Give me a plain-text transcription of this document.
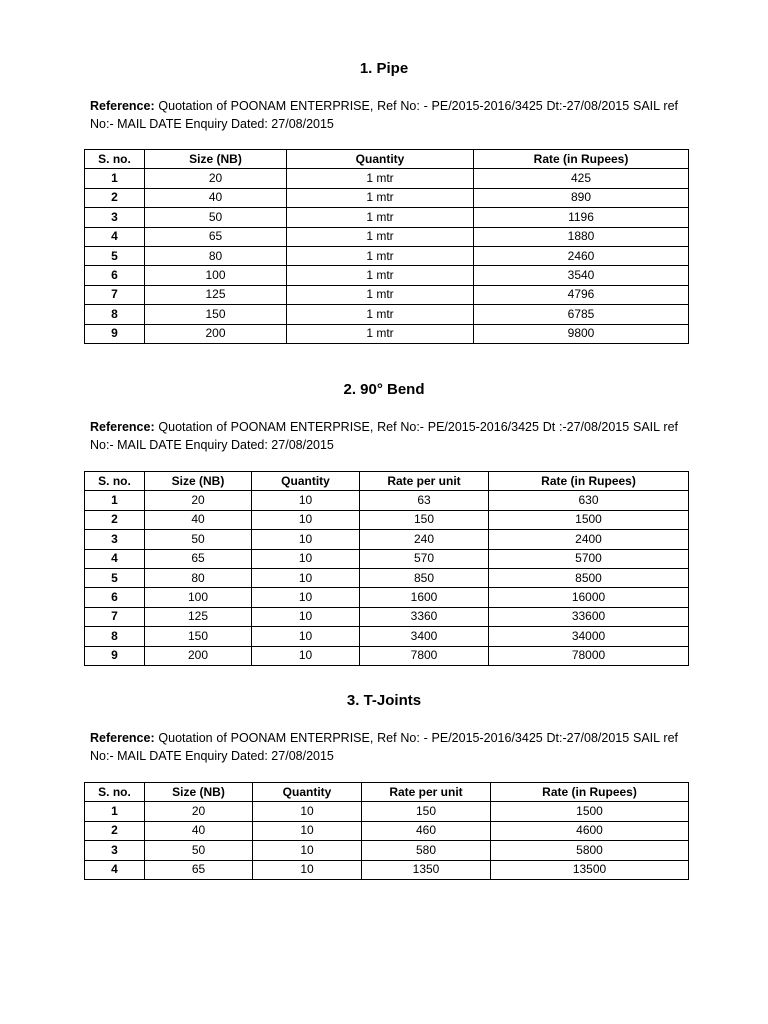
1. Pipe

Reference: Quotation of POONAM ENTERPRISE, Ref No: - PE/2015-2016/3425 Dt:-27/08/2015 SAIL ref No:- MAIL DATE Enquiry Dated: 27/08/2015

S. no.	Size (NB)	Quantity	Rate (in Rupees)
1	20	1 mtr	425
2	40	1 mtr	890
3	50	1 mtr	1196
4	65	1 mtr	1880
5	80	1 mtr	2460
6	100	1 mtr	3540
7	125	1 mtr	4796
8	150	1 mtr	6785
9	200	1 mtr	9800
2. 90° Bend

Reference: Quotation of POONAM ENTERPRISE, Ref No:- PE/2015-2016/3425 Dt :-27/08/2015 SAIL ref No:- MAIL DATE Enquiry Dated: 27/08/2015

S. no.	Size (NB)	Quantity	Rate per unit	Rate (in Rupees)
1	20	10	63	630
2	40	10	150	1500
3	50	10	240	2400
4	65	10	570	5700
5	80	10	850	8500
6	100	10	1600	16000
7	125	10	3360	33600
8	150	10	3400	34000
9	200	10	7800	78000
3. T-Joints

Reference: Quotation of POONAM ENTERPRISE, Ref No: - PE/2015-2016/3425 Dt:-27/08/2015 SAIL ref No:- MAIL DATE Enquiry Dated: 27/08/2015

S. no.	Size (NB)	Quantity	Rate per unit	Rate (in Rupees)
1	20	10	150	1500
2	40	10	460	4600
3	50	10	580	5800
4	65	10	1350	13500
